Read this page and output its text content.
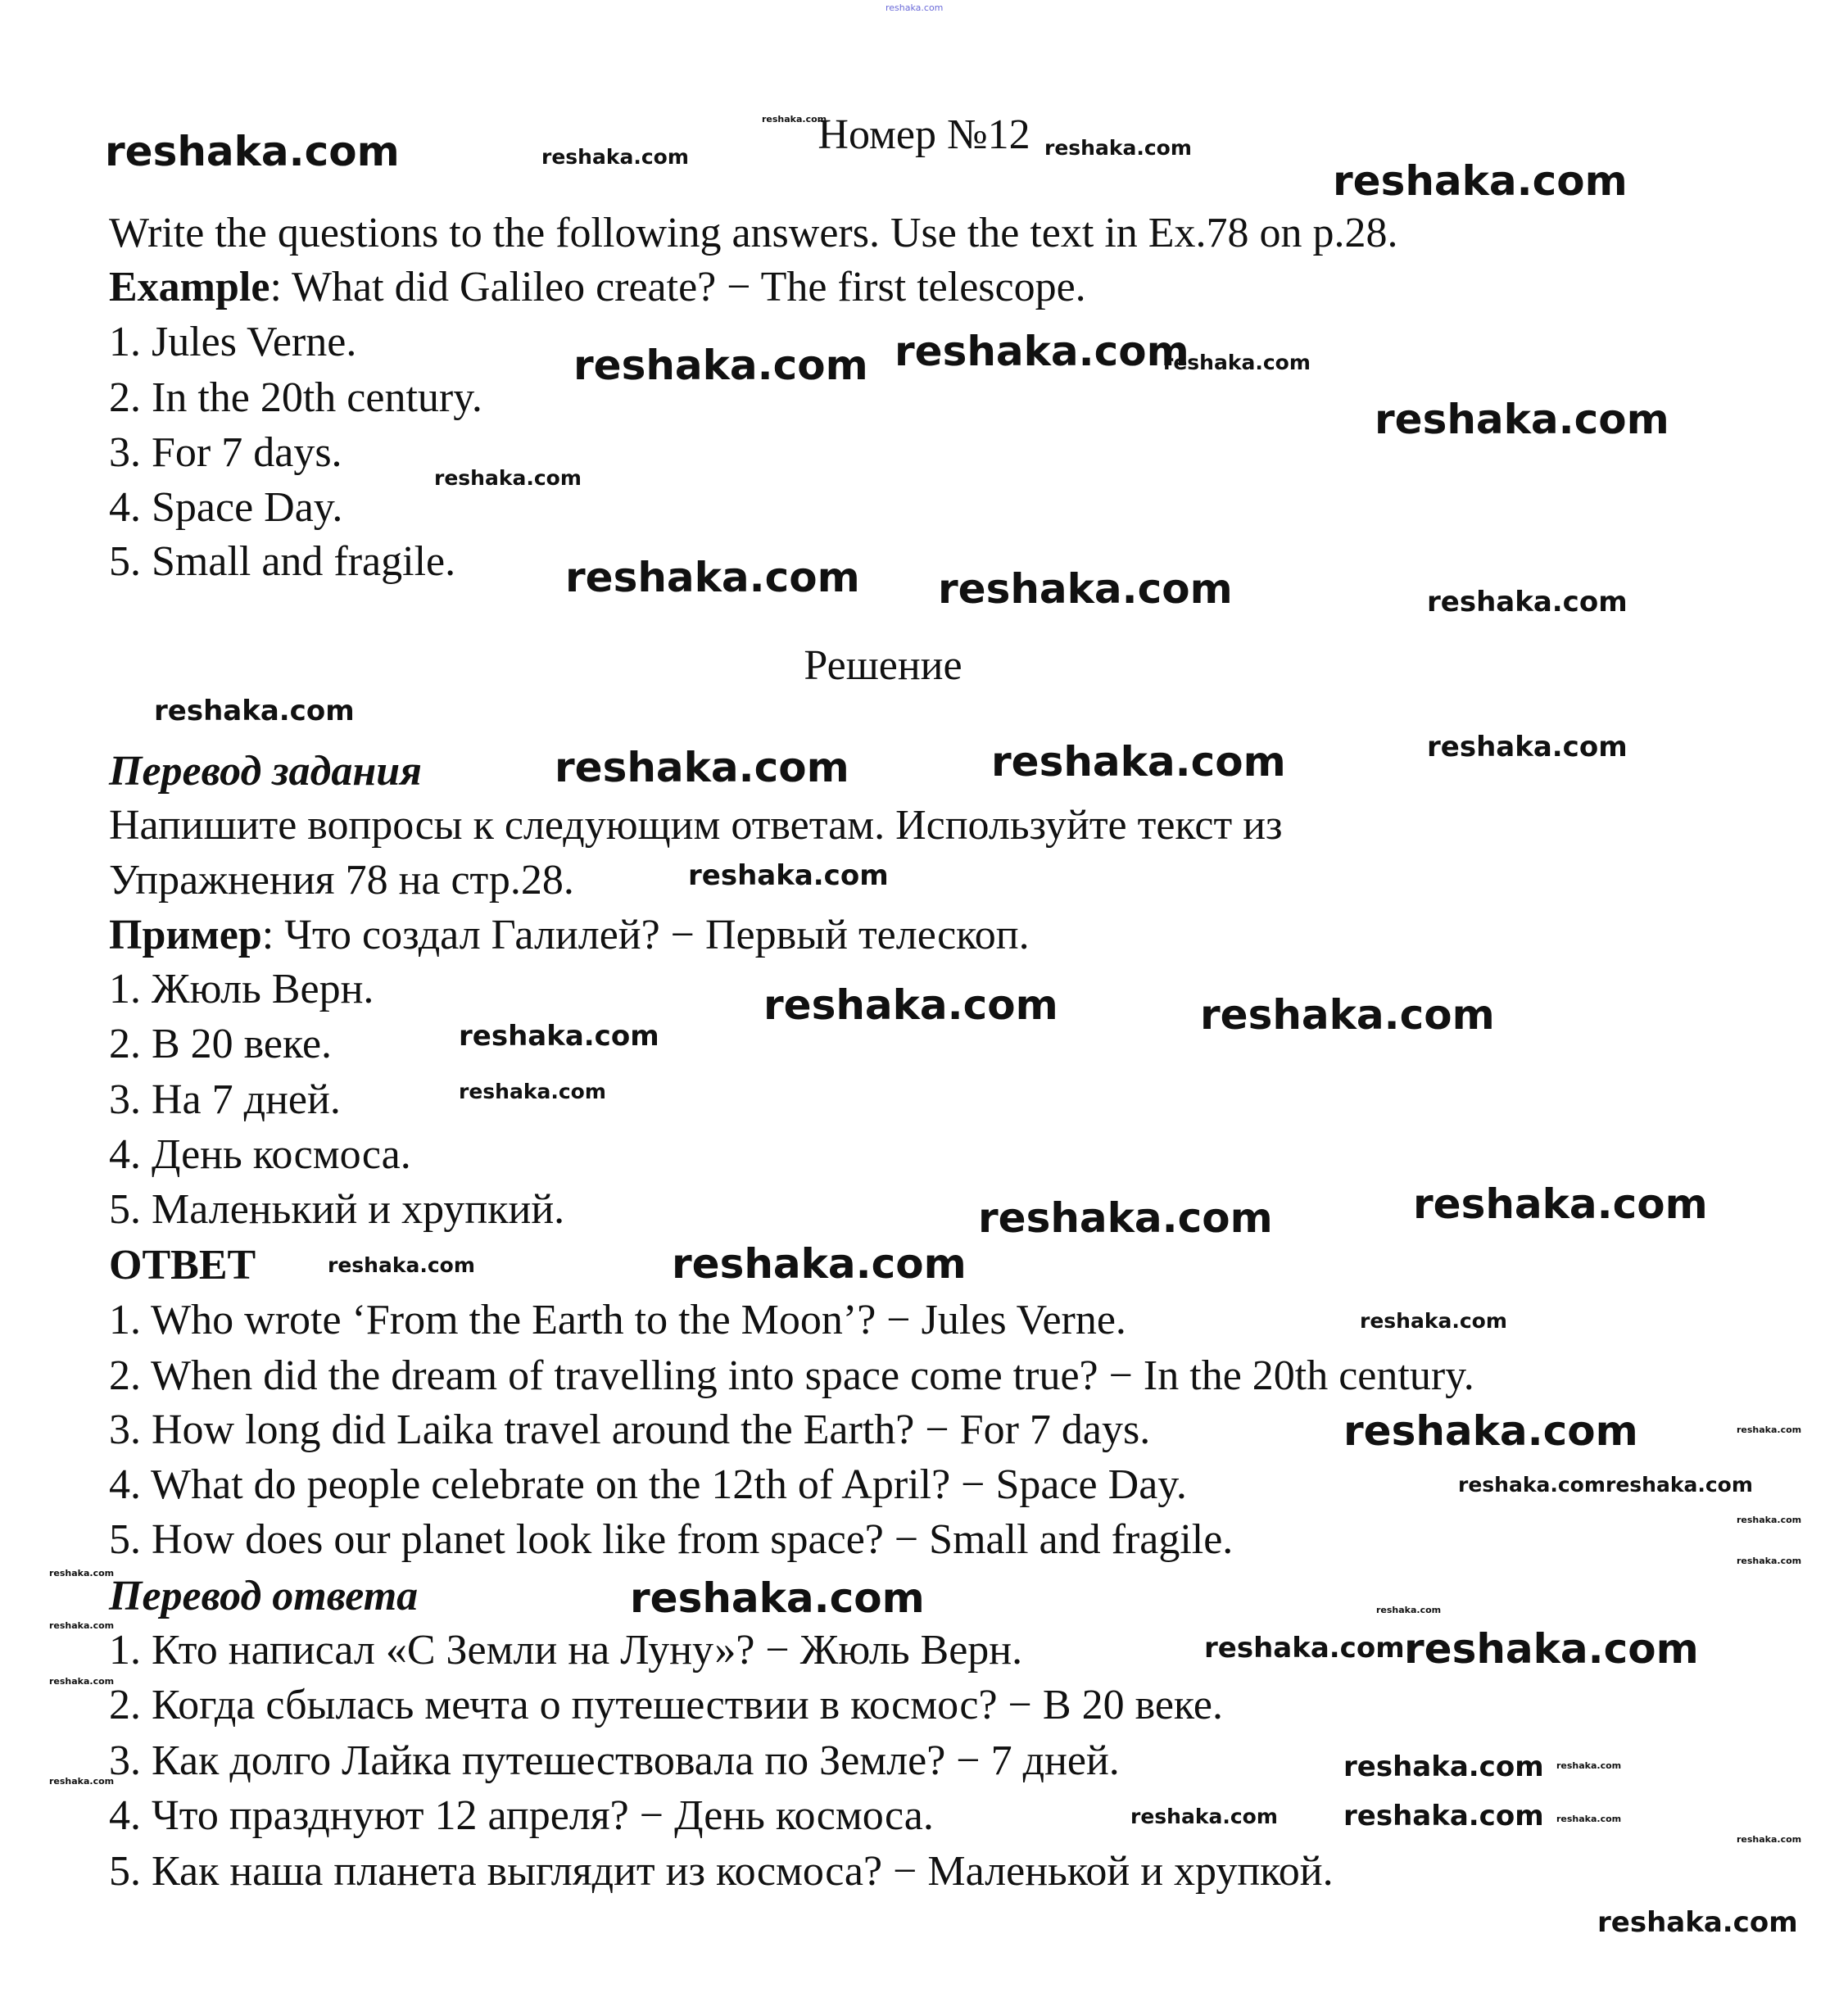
Номер №12
Write the questions to the following answers. Use the text in Ex.78 on p.28.
Example: What did Galileo create? − The first telescope.
1. Jules Verne.
2. In the 20th century.
3. For 7 days.
4. Space Day.
5. Small and fragile.
Решение
Перевод задания
Напишите вопросы к следующим ответам. Используйте текст из
Упражнения 78 на стр.28.
Пример: Что создал Галилей? − Первый телескоп.
1. Жюль Верн.
2. В 20 веке.
3. На 7 дней.
4. День космоса.
5. Маленький и хрупкий.
ОТВЕТ
1. Who wrote ‘From the Earth to the Moon’? − Jules Verne.
2. When did the dream of travelling into space come true? − In the 20th century.
3. How long did Laika travel around the Earth? − For 7 days.
4. What do people celebrate on the 12th of April? − Space Day.
5. How does our planet look like from space? − Small and fragile.
Перевод ответа
1. Кто написал «С Земли на Луну»? − Жюль Верн.
2. Когда сбылась мечта о путешествии в космос? − В 20 веке.
3. Как долго Лайка путешествовала по Земле? − 7 дней.
4. Что празднуют 12 апреля? − День космоса.
5. Как наша планета выглядит из космоса? − Маленькой и хрупкой.
reshaka.com
reshaka.com	reshaka.com
reshaka.com
reshaka.com
reshaka.com
reshaka.com reshaka.com
reshaka.com
reshaka.com
reshaka.com
reshaka.com reshaka.com	reshaka.com
reshaka.com
reshaka.com
reshaka.com	reshaka.com
reshaka.com
reshaka.com	reshaka.com
reshaka.com
reshaka.com
reshaka.com	reshaka.com
reshaka.com	reshaka.com
reshaka.com
reshaka.com
reshaka.com reshaka.com
reshaka.com
reshaka.com
reshaka.com
reshaka.com
reshaka.com
reshaka.com
reshaka.com
reshaka.com
reshaka.com
reshaka.com
reshaka.com	reshaka.com reshaka.com
reshaka.com reshaka.com reshaka.com
reshaka.com
reshaka.com
